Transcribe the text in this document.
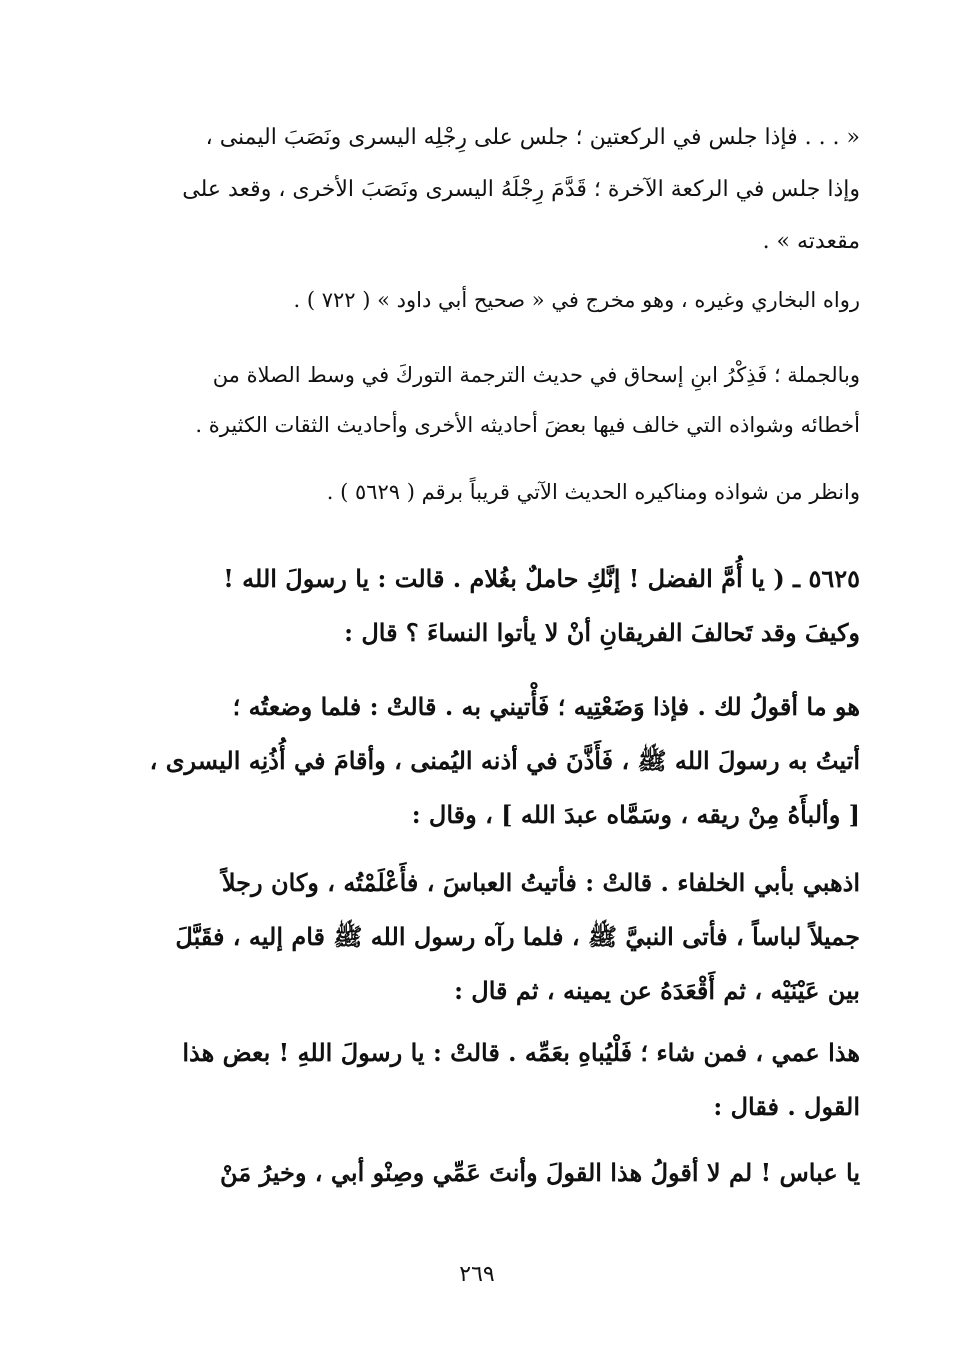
« . . . فإذا جلس في الركعتين ؛ جلس على رِجْلِه اليسرى ونَصَبَ اليمنى ،
وإذا جلس في الركعة الآخرة ؛ قَدَّمَ رِجْلَهُ اليسرى ونَصَبَ الأخرى ، وقعد على
مقعدته » .
رواه البخاري وغيره ، وهو مخرج في « صحيح أبي داود » ( ٧٢٢ ) .
وبالجملة ؛ فَذِكْرُ ابنِ إسحاق في حديث الترجمة التوركَ في وسط الصلاة من
أخطائه وشواذه التي خالف فيها بعضَ أحاديثه الأخرى وأحاديث الثقات الكثيرة .
وانظر من شواذه ومناكيره الحديث الآتي قريباً برقم ( ٥٦٢٩ ) .
٥٦٢٥ ـ ( يا أُمَّ الفضل ! إنَّكِ حاملٌ بغُلام . قالت : يا رسولَ الله !
وكيفَ وقد تَحالفَ الفريقانِ أنْ لا يأتوا النساءَ ؟ قال :
هو ما أقولُ لك . فإذا وَضَعْتِيه ؛ فَأْتيني به . قالتْ : فلما وضعتُه ؛
أتيتُ به رسولَ الله ﷺ ، فَأَذَّنَ في أذنه اليُمنى ، وأقامَ في أُذُنِه اليسرى ،
[ وألبأَهُ مِنْ ريقه ، وسَمَّاه عبدَ الله ] ، وقال :
اذهبي بأبي الخلفاء . قالتْ : فأتيتُ العباسَ ، فأَعْلَمْتُه ، وكان رجلاً
جميلاً لباساً ، فأتى النبيَّ ﷺ ، فلما رآه رسول الله ﷺ قام إليه ، فقَبَّلَ
بين عَيْنَيْه ، ثم أَقْعَدَهُ عن يمينه ، ثم قال :
هذا عمي ، فمن شاء ؛ فَلْيُباهِ بعَمِّه . قالتْ : يا رسولَ اللهِ ! بعض هذا
القول . فقال :
يا عباس ! لم لا أقولُ هذا القولَ وأنتَ عَمِّي وصِنْو أبي ، وخيرُ مَنْ
٢٦٩
